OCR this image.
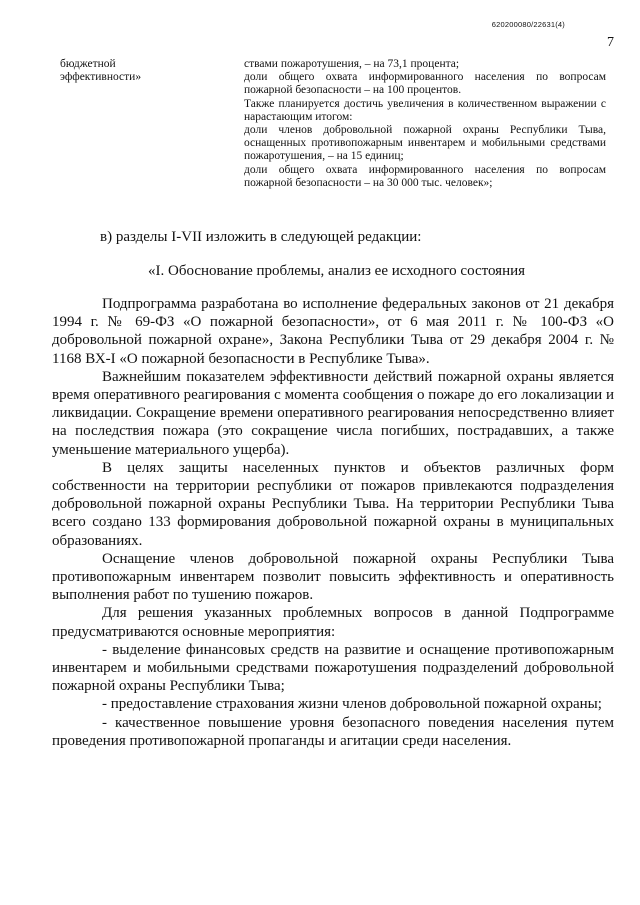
620200080/22631(4)
7
бюджетной
эффективности»

ствами пожаротушения, – на 73,1 процента;

доли общего охвата информированного населения по вопросам пожарной безопасности – на 100 процентов.

Также планируется достичь увеличения в количественном выражении с нарастающим итогом:

доли членов добровольной пожарной охраны Республики Тыва, оснащенных противопожарным инвентарем и мобильными средствами пожаротушения, – на 15 единиц;

доли общего охвата информированного населения по вопросам пожарной безопасности – на 30 000 тыс. человек»;

в) разделы I-VII изложить в следующей редакции:
«I. Обоснование проблемы, анализ ее исходного состояния

Подпрограмма разработана во исполнение федеральных законов от 21 декабря 1994 г. № 69-ФЗ «О пожарной безопасности», от 6 мая 2011 г. № 100-ФЗ «О добровольной пожарной охране», Закона Республики Тыва от 29 декабря 2004 г. № 1168 ВХ-I «О пожарной безопасности в Республике Тыва».

Важнейшим показателем эффективности действий пожарной охраны является время оперативного реагирования с момента сообщения о пожаре до его локализации и ликвидации. Сокращение времени оперативного реагирования непосредственно влияет на последствия пожара (это сокращение числа погибших, пострадавших, а также уменьшение материального ущерба).

В целях защиты населенных пунктов и объектов различных форм собственности на территории республики от пожаров привлекаются подразделения добровольной пожарной охраны Республики Тыва. На территории Республики Тыва всего создано 133 формирования добровольной пожарной охраны в муниципальных образованиях.

Оснащение членов добровольной пожарной охраны Республики Тыва противопожарным инвентарем позволит повысить эффективность и оперативность выполнения работ по тушению пожаров.

Для решения указанных проблемных вопросов в данной Подпрограмме предусматриваются основные мероприятия:

- выделение финансовых средств на развитие и оснащение противопожарным инвентарем и мобильными средствами пожаротушения подразделений добровольной пожарной охраны Республики Тыва;

- предоставление страхования жизни членов добровольной пожарной охраны;

- качественное повышение уровня безопасного поведения населения путем проведения противопожарной пропаганды и агитации среди населения.
